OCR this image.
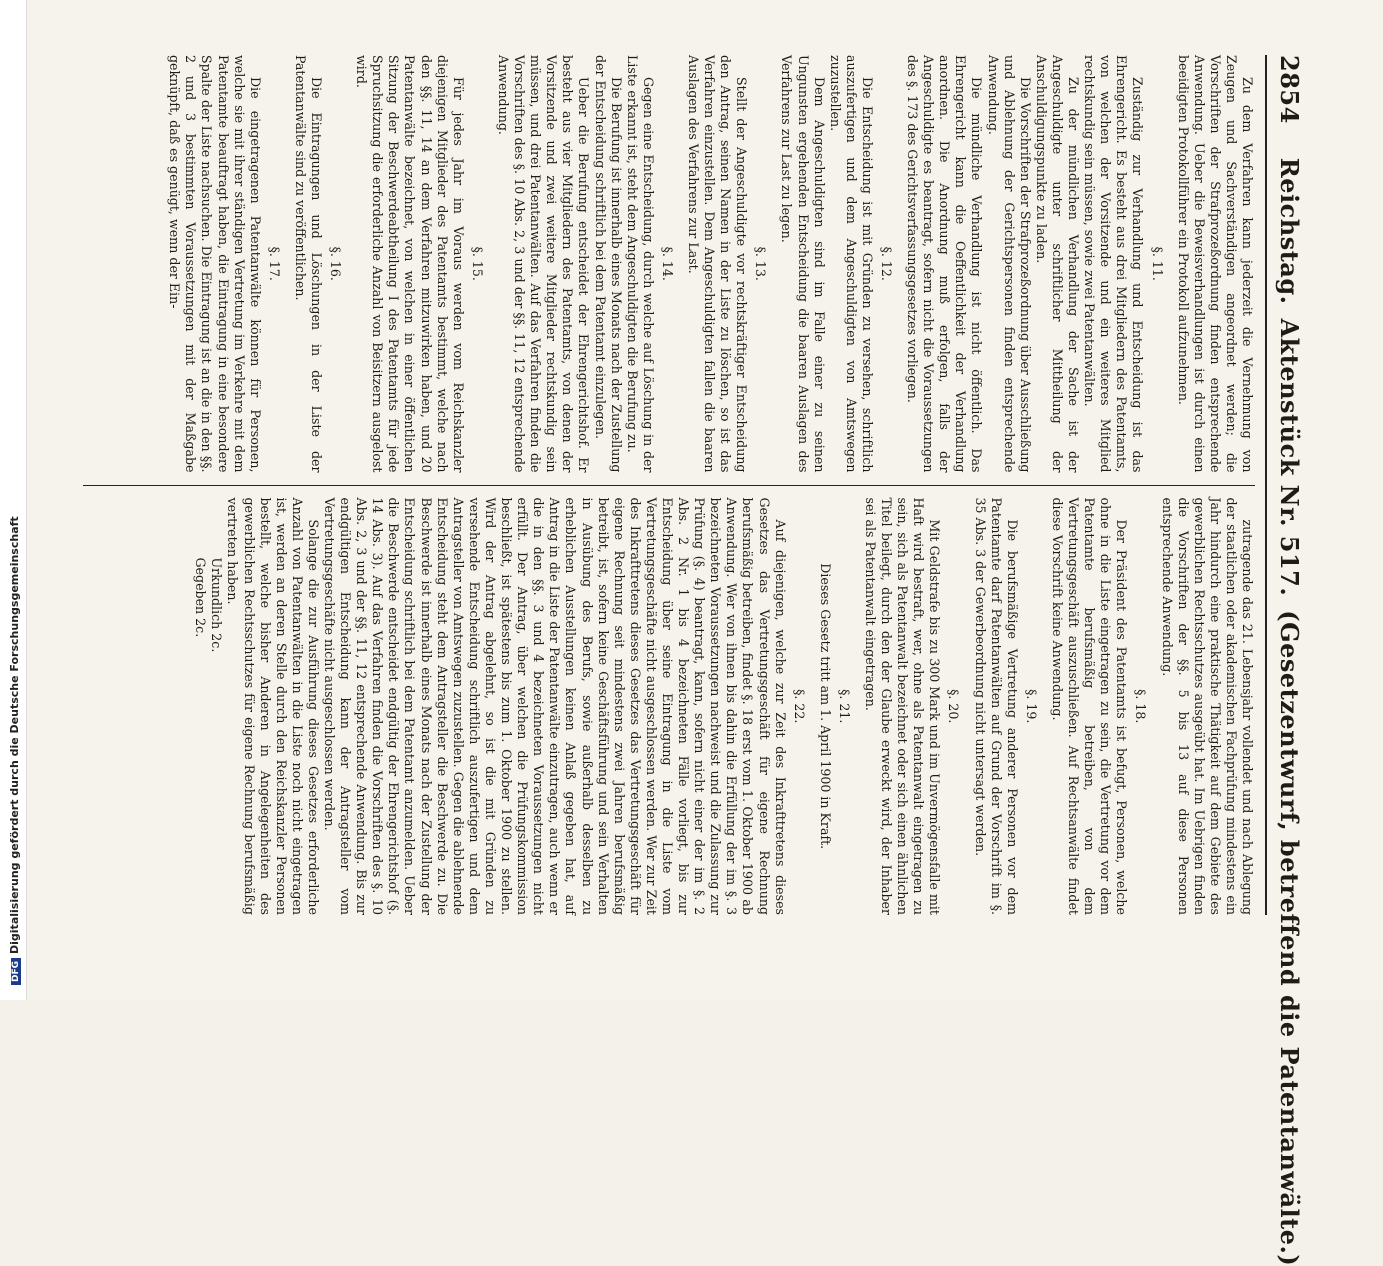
2854
Reichstag.
Aktenstück Nr. 517.
(Gesetzentwurf, betreffend die Patentanwälte.)

Zu dem Verfahren kann jederzeit die Vernehmung von Zeugen und Sachverständigen angeordnet werden; die Vorschriften der Strafprozeßordnung finden entsprechende Anwendung. Ueber die Beweisverhandlungen ist durch einen beeidigten Protokollführer ein Protokoll aufzunehmen.

§. 11.

Zuständig zur Verhandlung und Entscheidung ist das Ehrengericht. Es besteht aus drei Mitgliedern des Patentamts, von welchen der Vorsitzende und ein weiteres Mitglied rechtskundig sein müssen, sowie zwei Patentanwälten.

Zu der mündlichen Verhandlung der Sache ist der Angeschuldigte unter schriftlicher Mittheilung der Anschuldigungspunkte zu laden.

Die Vorschriften der Strafprozeßordnung über Ausschließung und Ablehnung der Gerichtspersonen finden entsprechende Anwendung.

Die mündliche Verhandlung ist nicht öffentlich. Das Ehrengericht kann die Oeffentlichkeit der Verhandlung anordnen. Die Anordnung muß erfolgen, falls der Angeschuldigte es beantragt, sofern nicht die Voraussetzungen des §. 173 des Gerichtsverfassungsgesetzes vorliegen.

§. 12.

Die Entscheidung ist mit Gründen zu versehen, schriftlich auszufertigen und dem Angeschuldigten von Amtswegen zuzustellen.

Dem Angeschuldigten sind im Falle einer zu seinen Ungunsten ergehenden Entscheidung die baaren Auslagen des Verfahrens zur Last zu legen.

§. 13.

Stellt der Angeschuldigte vor rechtskräftiger Entscheidung den Antrag, seinen Namen in der Liste zu löschen, so ist das Verfahren einzustellen. Dem Angeschuldigten fallen die baaren Auslagen des Verfahrens zur Last.

§. 14.

Gegen eine Entscheidung, durch welche auf Löschung in der Liste erkannt ist, steht dem Angeschuldigten die Berufung zu.

Die Berufung ist innerhalb eines Monats nach der Zustellung der Entscheidung schriftlich bei dem Patentamt einzulegen.

Ueber die Berufung entscheidet der Ehrengerichtshof. Er besteht aus vier Mitgliedern des Patentamts, von denen der Vorsitzende und zwei weitere Mitglieder rechtskundig sein müssen, und drei Patentanwälten. Auf das Verfahren finden die Vorschriften des §. 10 Abs. 2, 3 und der §§. 11, 12 entsprechende Anwendung.

§. 15.

Für jedes Jahr im Voraus werden vom Reichskanzler diejenigen Mitglieder des Patentamts bestimmt, welche nach den §§. 11, 14 an dem Verfahren mitzuwirken haben, und 20 Patentanwälte bezeichnet, von welchen in einer öffentlichen Sitzung der Beschwerdeabtheilung I des Patentamts für jede Spruchsitzung die erforderliche Anzahl von Beisitzern ausgelost wird.

§. 16.

Die Eintragungen und Löschungen in der Liste der Patentanwälte sind zu veröffentlichen.

§. 17.

Die eingetragenen Patentanwälte können für Personen, welche sie mit ihrer ständigen Vertretung im Verkehre mit dem Patentamte beauftragt haben, die Eintragung in eine besondere Spalte der Liste nachsuchen. Die Eintragung ist an die in den §§. 2 und 3 bestimmten Voraussetzungen mit der Maßgabe geknüpft, daß es genügt, wenn der Ein-

zutragende das 21. Lebensjahr vollendet und nach Ablegung der staatlichen oder akademischen Fachprüfung mindestens ein Jahr hindurch eine praktische Thätigkeit auf dem Gebiete des gewerblichen Rechtsschutzes ausgeübt hat. Im Uebrigen finden die Vorschriften der §§. 5 bis 13 auf diese Personen entsprechende Anwendung.

§. 18.

Der Präsident des Patentamts ist befugt, Personen, welche ohne in die Liste eingetragen zu sein, die Vertretung vor dem Patentamte berufsmäßig betreiben, von dem Vertretungsgeschäft auszuschließen. Auf Rechtsanwälte findet diese Vorschrift keine Anwendung.

§. 19.

Die berufsmäßige Vertretung anderer Personen vor dem Patentamte darf Patentanwälten auf Grund der Vorschrift im §. 35 Abs. 3 der Gewerbeordnung nicht untersagt werden.

§. 20.

Mit Geldstrafe bis zu 300 Mark und im Unvermögensfalle mit Haft wird bestraft, wer, ohne als Patentanwalt eingetragen zu sein, sich als Patentanwalt bezeichnet oder sich einen ähnlichen Titel beilegt, durch den der Glaube erweckt wird, der Inhaber sei als Patentanwalt eingetragen.

§. 21.

Dieses Gesetz tritt am 1. April 1900 in Kraft.

§. 22.

Auf diejenigen, welche zur Zeit des Inkrafttretens dieses Gesetzes das Vertretungsgeschäft für eigene Rechnung berufsmäßig betreiben, findet §. 18 erst vom 1. Oktober 1900 ab Anwendung. Wer von ihnen bis dahin die Erfüllung der im §. 3 bezeichneten Voraussetzungen nachweist und die Zulassung zur Prüfung (§. 4) beantragt, kann, sofern nicht einer der im §. 2 Abs. 2 Nr. 1 bis 4 bezeichneten Fälle vorliegt, bis zur Entscheidung über seine Eintragung in die Liste vom Vertretungsgeschäfte nicht ausgeschlossen werden. Wer zur Zeit des Inkrafttretens dieses Gesetzes das Vertretungsgeschäft für eigene Rechnung seit mindestens zwei Jahren berufsmäßig betreibt, ist, sofern keine Geschäftsführung und sein Verhalten in Ausübung des Berufs, sowie außerhalb desselben zu erheblichen Ausstellungen keinen Anlaß gegeben hat, auf Antrag in die Liste der Patentanwälte einzutragen, auch wenn er die in den §§. 3 und 4 bezeichneten Voraussetzungen nicht erfüllt. Der Antrag, über welchen die Prüfungskommission beschließt, ist spätestens bis zum 1. Oktober 1900 zu stellen. Wird der Antrag abgelehnt, so ist die mit Gründen zu versehende Entscheidung schriftlich auszufertigen und dem Antragsteller von Amtswegen zuzustellen. Gegen die ablehnende Entscheidung steht dem Antragsteller die Beschwerde zu. Die Beschwerde ist innerhalb eines Monats nach der Zustellung der Entscheidung schriftlich bei dem Patentamt anzumelden. Ueber die Beschwerde entscheidet endgültig der Ehrengerichtshof (§. 14 Abs. 3). Auf das Verfahren finden die Vorschriften des §. 10 Abs. 2, 3 und der §§. 11, 12 entsprechende Anwendung. Bis zur endgültigen Entscheidung kann der Antragsteller vom Vertretungsgeschäfte nicht ausgeschlossen werden.

Solange die zur Ausführung dieses Gesetzes erforderliche Anzahl von Patentanwälten in die Liste noch nicht eingetragen ist, werden an deren Stelle durch den Reichskanzler Personen bestellt, welche bisher Anderen in Angelegenheiten des gewerblichen Rechtsschutzes für eigene Rechnung berufsmäßig vertreten haben.

Urkundlich 2c.

Gegeben 2c.

DFGDigitalisierung gefördert durch die Deutsche Forschungsgemeinschaft
